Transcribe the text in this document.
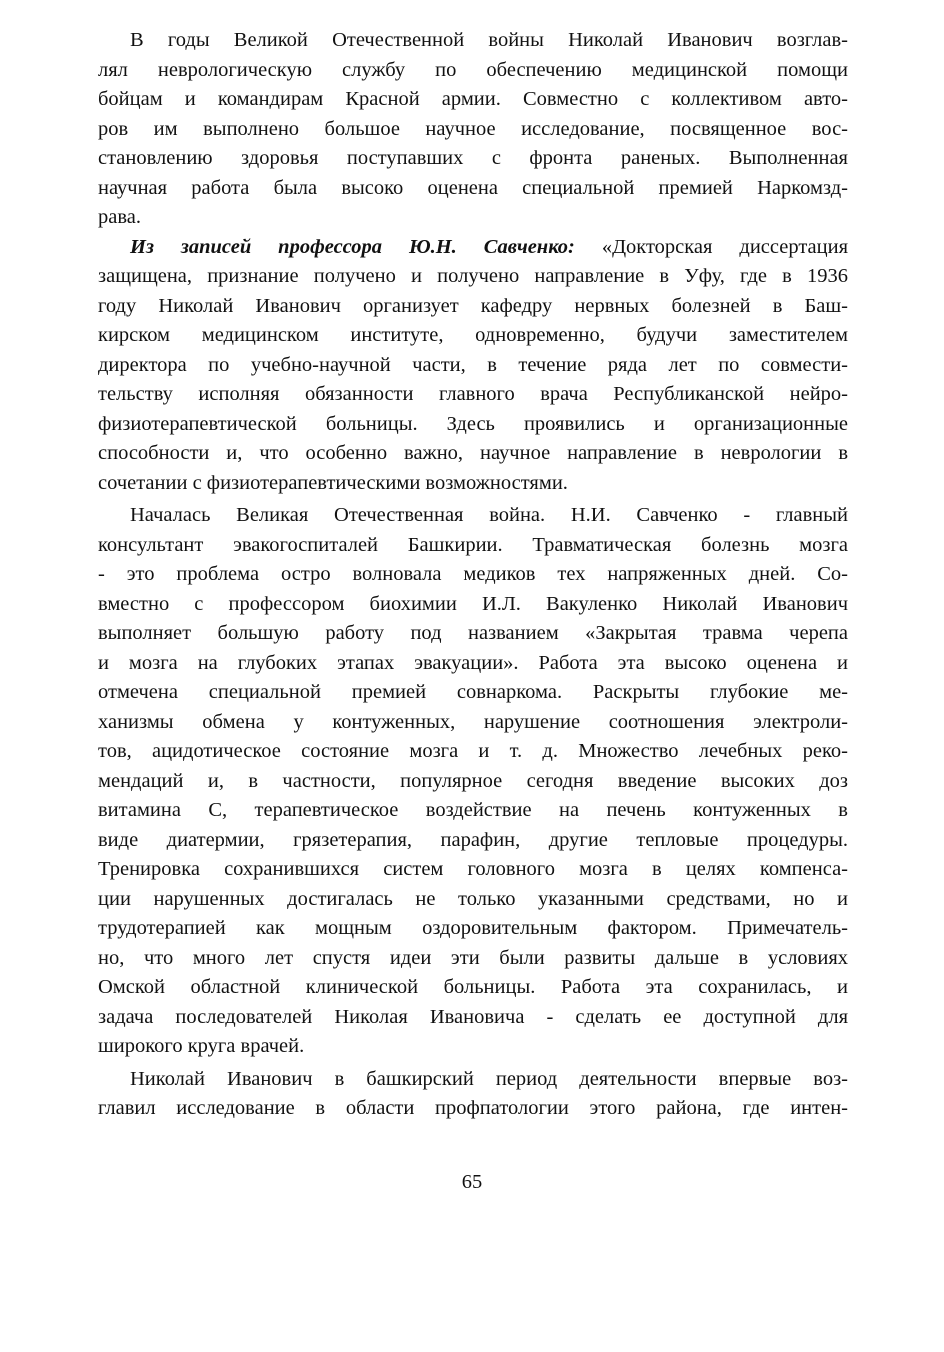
В годы Великой Отечественной войны Николай Иванович возглав-
лял неврологическую службу по обеспечению медицинской помощи
бойцам и командирам Красной армии. Совместно с коллективом авто-
ров им выполнено большое научное исследование, посвященное вос-
становлению здоровья поступавших с фронта раненых. Выполненная
научная работа была высоко оценена специальной премией Наркомзд-
рава.
Из записей профессора Ю.Н. Савченко: «Докторская диссертация
защищена, признание получено и получено направление в Уфу, где в 1936
году Николай Иванович организует кафедру нервных болезней в Баш-
кирском медицинском институте, одновременно, будучи заместителем
директора по учебно-научной части, в течение ряда лет по совмести-
тельству исполняя обязанности главного врача Республиканской нейро-
физиотерапевтической больницы. Здесь проявились и организационные
способности и, что особенно важно, научное направление в неврологии в
сочетании с физиотерапевтическими возможностями.
Началась Великая Отечественная война. Н.И. Савченко - главный
консультант эвакогоспиталей Башкирии. Травматическая болезнь мозга
- это проблема остро волновала медиков тех напряженных дней. Со-
вместно с профессором биохимии И.Л. Вакуленко Николай Иванович
выполняет большую работу под названием «Закрытая травма черепа
и мозга на глубоких этапах эвакуации». Работа эта высоко оценена и
отмечена специальной премией совнаркома. Раскрыты глубокие ме-
ханизмы обмена у контуженных, нарушение соотношения электроли-
тов, ацидотическое состояние мозга и т. д. Множество лечебных реко-
мендаций и, в частности, популярное сегодня введение высоких доз
витамина С, терапевтическое воздействие на печень контуженных в
виде диатермии, грязетерапия, парафин, другие тепловые процедуры.
Тренировка сохранившихся систем головного мозга в целях компенса-
ции нарушенных достигалась не только указанными средствами, но и
трудотерапией как мощным оздоровительным фактором. Примечатель-
но, что много лет спустя идеи эти были развиты дальше в условиях
Омской областной клинической больницы. Работа эта сохранилась, и
задача последователей Николая Ивановича - сделать ее доступной для
широкого круга врачей.
Николай Иванович в башкирский период деятельности впервые воз-
главил исследование в области профпатологии этого района, где интен-
65
